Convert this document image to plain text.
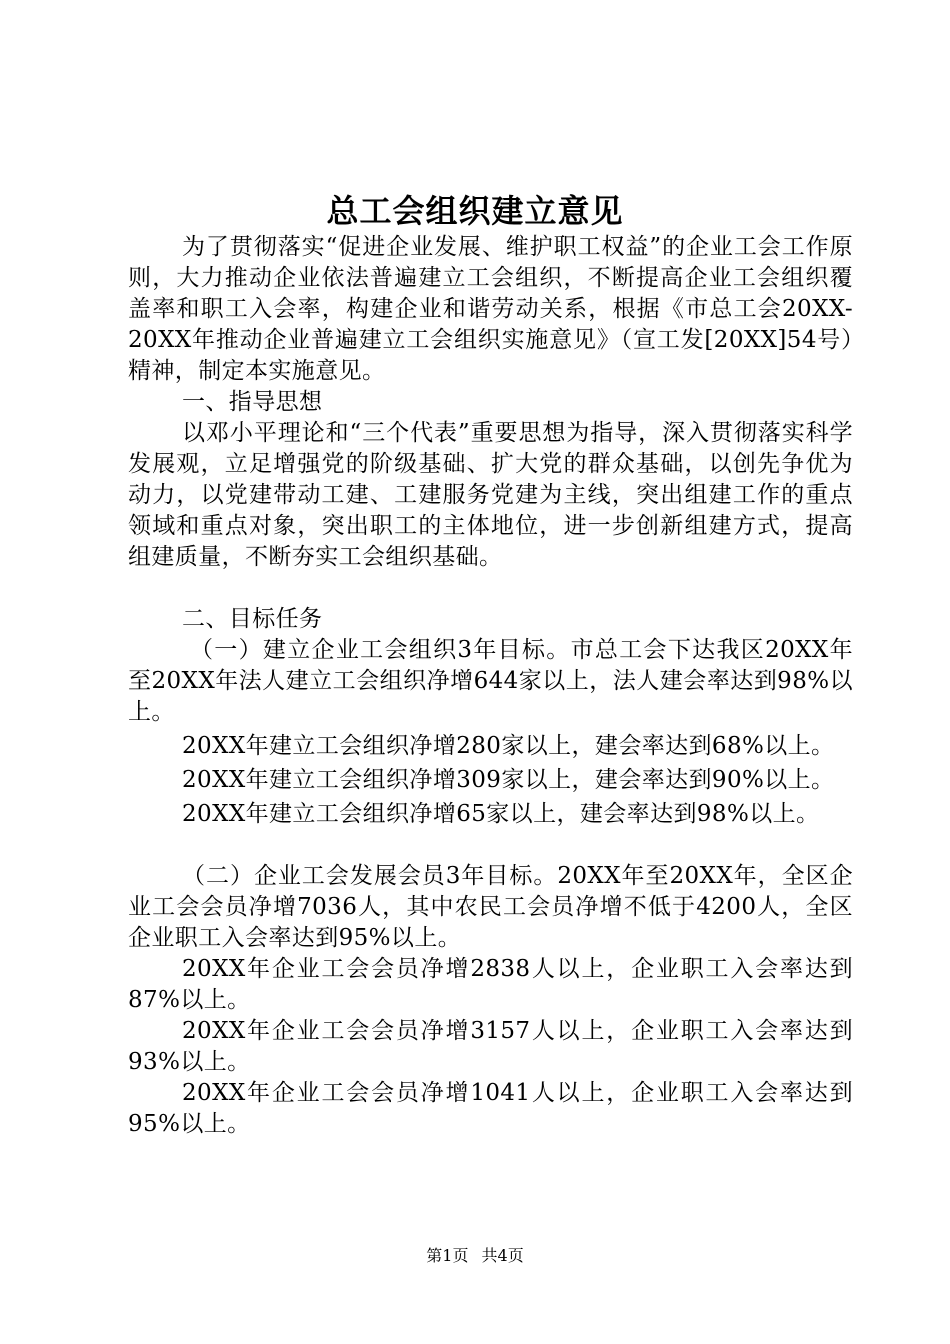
总工会组织建立意见

为了贯彻落实“促进企业发展、维护职工权益”的企业工会工作原则，大力推动企业依法普遍建立工会组织，不断提高企业工会组织覆盖率和职工入会率，构建企业和谐劳动关系，根据《市总工会20XX-20XX年推动企业普遍建立工会组织实施意见》（宣工发[20XX]54号）精神，制定本实施意见。

一、指导思想

以邓小平理论和“三个代表”重要思想为指导，深入贯彻落实科学发展观，立足增强党的阶级基础、扩大党的群众基础，以创先争优为动力，以党建带动工建、工建服务党建为主线，突出组建工作的重点领域和重点对象，突出职工的主体地位，进一步创新组建方式，提高组建质量，不断夯实工会组织基础。

二、目标任务

（一）建立企业工会组织3年目标。市总工会下达我区20XX年至20XX年法人建立工会组织净增644家以上，法人建会率达到98%以上。

20XX年建立工会组织净增280家以上，建会率达到68%以上。

20XX年建立工会组织净增309家以上，建会率达到90%以上。

20XX年建立工会组织净增65家以上，建会率达到98%以上。

（二）企业工会发展会员3年目标。20XX年至20XX年，全区企业工会会员净增7036人，其中农民工会员净增不低于4200人，全区企业职工入会率达到95%以上。

20XX年企业工会会员净增2838人以上，企业职工入会率达到87%以上。

20XX年企业工会会员净增3157人以上，企业职工入会率达到93%以上。

20XX年企业工会会员净增1041人以上，企业职工入会率达到95%以上。

第1页 共4页
